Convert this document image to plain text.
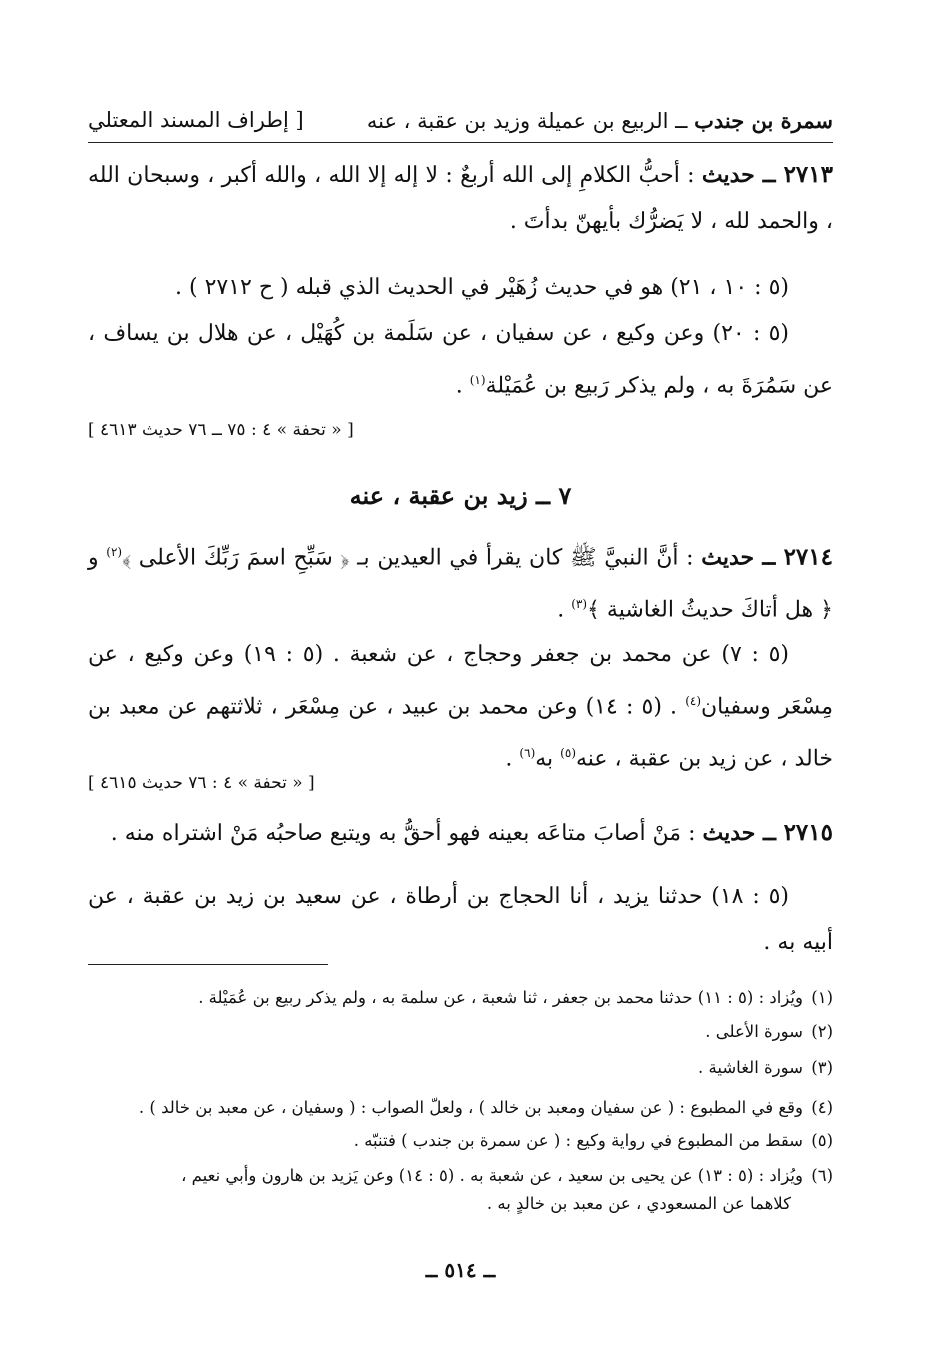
سمرة بن جندب ــ الربيع بن عميلة وزيد بن عقبة ، عنه
[ إطراف المسند المعتلي
٢٧١٣ ــ حديث : أحبُّ الكلامِ إلى الله أربعٌ : لا إله إلا الله ، والله أكبر ، وسبحان الله ، والحمد لله ، لا يَضرُّك بأيهنّ بدأتَ .
(٥ : ١٠ ، ٢١) هو في حديث زُهَيْر في الحديث الذي قبله ( ح ٢٧١٢ ) .
(٥ : ٢٠) وعن وكيع ، عن سفيان ، عن سَلَمة بن كُهَيْل ، عن هلال بن يساف ، عن سَمُرَةَ به ، ولم يذكر رَبيع بن عُمَيْلة$^{(١)}$ .
[ « تحفة » ٤ : ٧٥ ــ ٧٦ حديث ٤٦١٣ ]
٧ ــ زيد بن عقبة ، عنه
٢٧١٤ ــ حديث : أنَّ النبيَّ ﷺ كان يقرأ في العيدين بـ ﴿ سَبِّحِ اسمَ رَبِّكَ الأعلى ﴾$^{(٢)}$ و ﴿ هل أتاكَ حديثُ الغاشية ﴾$^{(٣)}$ .
(٥ : ٧) عن محمد بن جعفر وحجاج ، عن شعبة . (٥ : ١٩) وعن وكيع ، عن مِسْعَر وسفيان$^{(٤)}$ . (٥ : ١٤) وعن محمد بن عبيد ، عن مِسْعَر ، ثلاثتهم عن معبد بن خالد ، عن زيد بن عقبة ، عنه$^{(٥)}$ به$^{(٦)}$ .
[ « تحفة » ٤ : ٧٦ حديث ٤٦١٥ ]
٢٧١٥ ــ حديث : مَنْ أصابَ متاعَه بعينه فهو أحقُّ به ويتبع صاحبُه مَنْ اشتراه منه .
(٥ : ١٨) حدثنا يزيد ، أنا الحجاج بن أرطاة ، عن سعيد بن زيد بن عقبة ، عن أبيه به .
(١)ويُزاد : (٥ : ١١) حدثنا محمد بن جعفر ، ثنا شعبة ، عن سلمة به ، ولم يذكر ربيع بن عُمَيْلة .
(٢)سورة الأعلى .
(٣)سورة الغاشية .
(٤)وقع في المطبوع : ( عن سفيان ومعبد بن خالد ) ، ولعلّ الصواب : ( وسفيان ، عن معبد بن خالد ) .
(٥)سقط من المطبوع في رواية وكيع : ( عن سمرة بن جندب ) فتنبّه .
(٦)ويُزاد : (٥ : ١٣) عن يحيى بن سعيد ، عن شعبة به . (٥ : ١٤) وعن يَزيد بن هارون وأبي نعيم ،
كلاهما عن المسعودي ، عن معبد بن خالدٍ به .
ــ ٥١٤ ــ
